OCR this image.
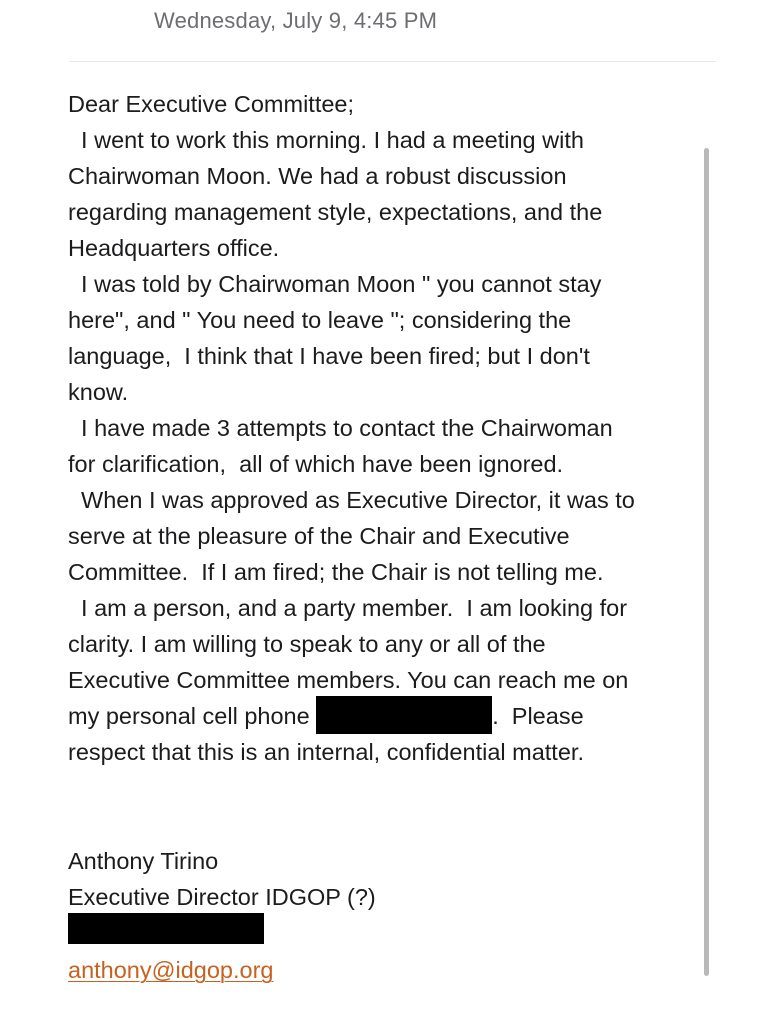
Wednesday, July 9, 4:45 PM
Dear Executive Committee;
I went to work this morning. I had a meeting with
Chairwoman Moon. We had a robust discussion
regarding management style, expectations, and the
Headquarters office.
I was told by Chairwoman Moon " you cannot stay
here", and " You need to leave "; considering the
language,  I think that I have been fired; but I don't
know.
I have made 3 attempts to contact the Chairwoman
for clarification,  all of which have been ignored.
When I was approved as Executive Director, it was to
serve at the pleasure of the Chair and Executive
Committee.  If I am fired; the Chair is not telling me.
I am a person, and a party member.  I am looking for
clarity. I am willing to speak to any or all of the
Executive Committee members. You can reach me on
my personal cell phone	.  Please
respect that this is an internal, confidential matter.
Anthony Tirino
Executive Director IDGOP (?)
anthony@idgop.org
